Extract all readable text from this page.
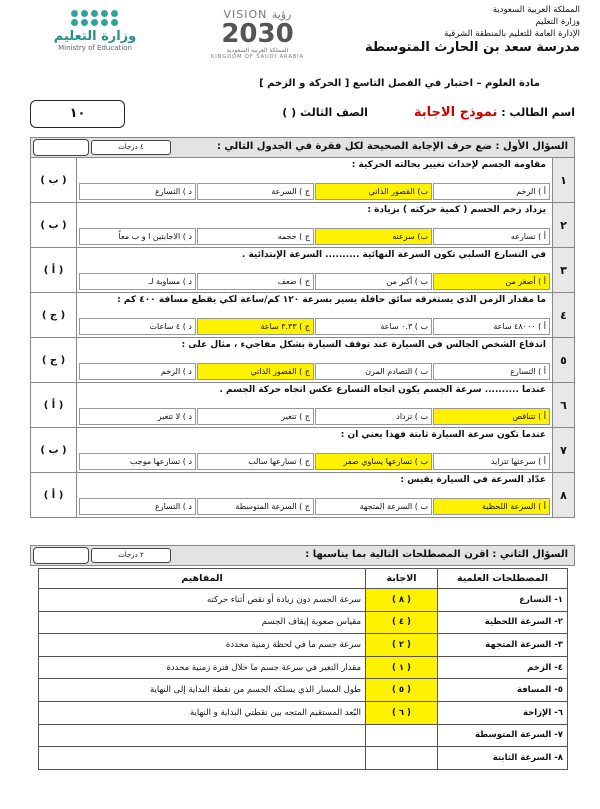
وزارة التعليم
Ministry of Education
VISION رؤية
2030
المملكة العربية السعودية
KINGDOM OF SAUDI ARABIA
المملكة العربية السعودية
وزارة التعليم
الإدارة العامة للتعليم بالمنطقة الشرقية
مدرسة سعد بن الحارث المتوسطة
مادة العلوم – اختبار في الفصل التاسع [ الحركة و الزخم ]
١٠	اسم الطالب : نموذج الاجابة            الصف الثالث ( )
٤ درجات	السؤال الأول : ضع حرف الإجابة الصحيحة لكل فقرة في الجدول التالي :
١
( ب )
مقاومة الجسم لإحداث تغيير بحالته الحركية :
أ ) الزخم
ب) القصور الذاتي
ج ) السرعة
د ) التسارع
٢
( ب )
يزداد زخم الجسم ( كمية حركته ) بزيادة :
أ ) تسارعه
ب) سرعته
ج ) حجمه
د ) الاجابتين ا و ب معاً
٣
( أ )
في التسارع السلبي تكون السرعة النهائية .......... السرعة الإبتدائية .
أ ) أصغر من
ب ) أكبر من
ج ) ضعف
د ) مساوية لـ
٤
( ج )
ما مقدار الزمن الذي يستغرقه سائق حافلة يسير بسرعة ١٢٠ كم/ساعة لكي يقطع مسافة ٤٠٠ كم :
أ ) ٤٨٠٠٠ ساعة
ب ) ٠.٣ ساعة
ج ) ٣.٣٣ ساعة
د ) ٤ ساعات
٥
( ج )
اندفاع الشخص الجالس في السيارة عند توقف السيارة بشكل مفاجيء ، مثال على :
أ ) التسارع
ب ) التصادم المرن
ج ) القصور الذاتي
د ) الزخم
٦
( أ )
عندما .......... سرعة الجسم يكون اتجاه التسارع عكس اتجاه حركة الجسم .
أ ) تتناقص
ب ) تزداد
ج ) تتغير
د ) لا تتغير
٧
( ب )
عندما تكون سرعة السيارة ثابتة فهذا يعني أن :
أ ) سرعتها تتزايد
ب ) تسارعها يساوي صفر
ج ) تسارعها سالب
د ) تسارعها موجب
٨
( أ )
عدّاد السرعة في السيارة يقيس :
أ ) السرعة اللحظية
ب ) السرعة المتجهة
ج ) السرعة المتوسطة
د ) التسارع
٢ درجات	السؤال الثاني : اقرن المصطلحات التالية بما يناسبها :
المصطلحات العلمية	الاجابة	المفاهيم
١- التسارع	( ٨ )	سرعة الجسم دون زيادة أو نقص أثناء حركته
٢- السرعة اللحظية	( ٤ )	مقياس صعوبة إيقاف الجسم
٣- السرعة المتجهة	( ٢ )	سرعة جسم ما في لحظة زمنية محددة
٤- الزخم	( ١ )	مقدار التغير في سرعة جسم ما خلال فترة زمنية محددة
٥- المسافة	( ٥ )	طول المسار الذي يسلكه الجسم من نقطة البداية إلى النهاية
٦- الإزاحة	( ٦ )	البُعد المستقيم المتجه بين نقطتي البداية و النهاية
٧- السرعة المتوسطة		
٨- السرعة الثابتة		
